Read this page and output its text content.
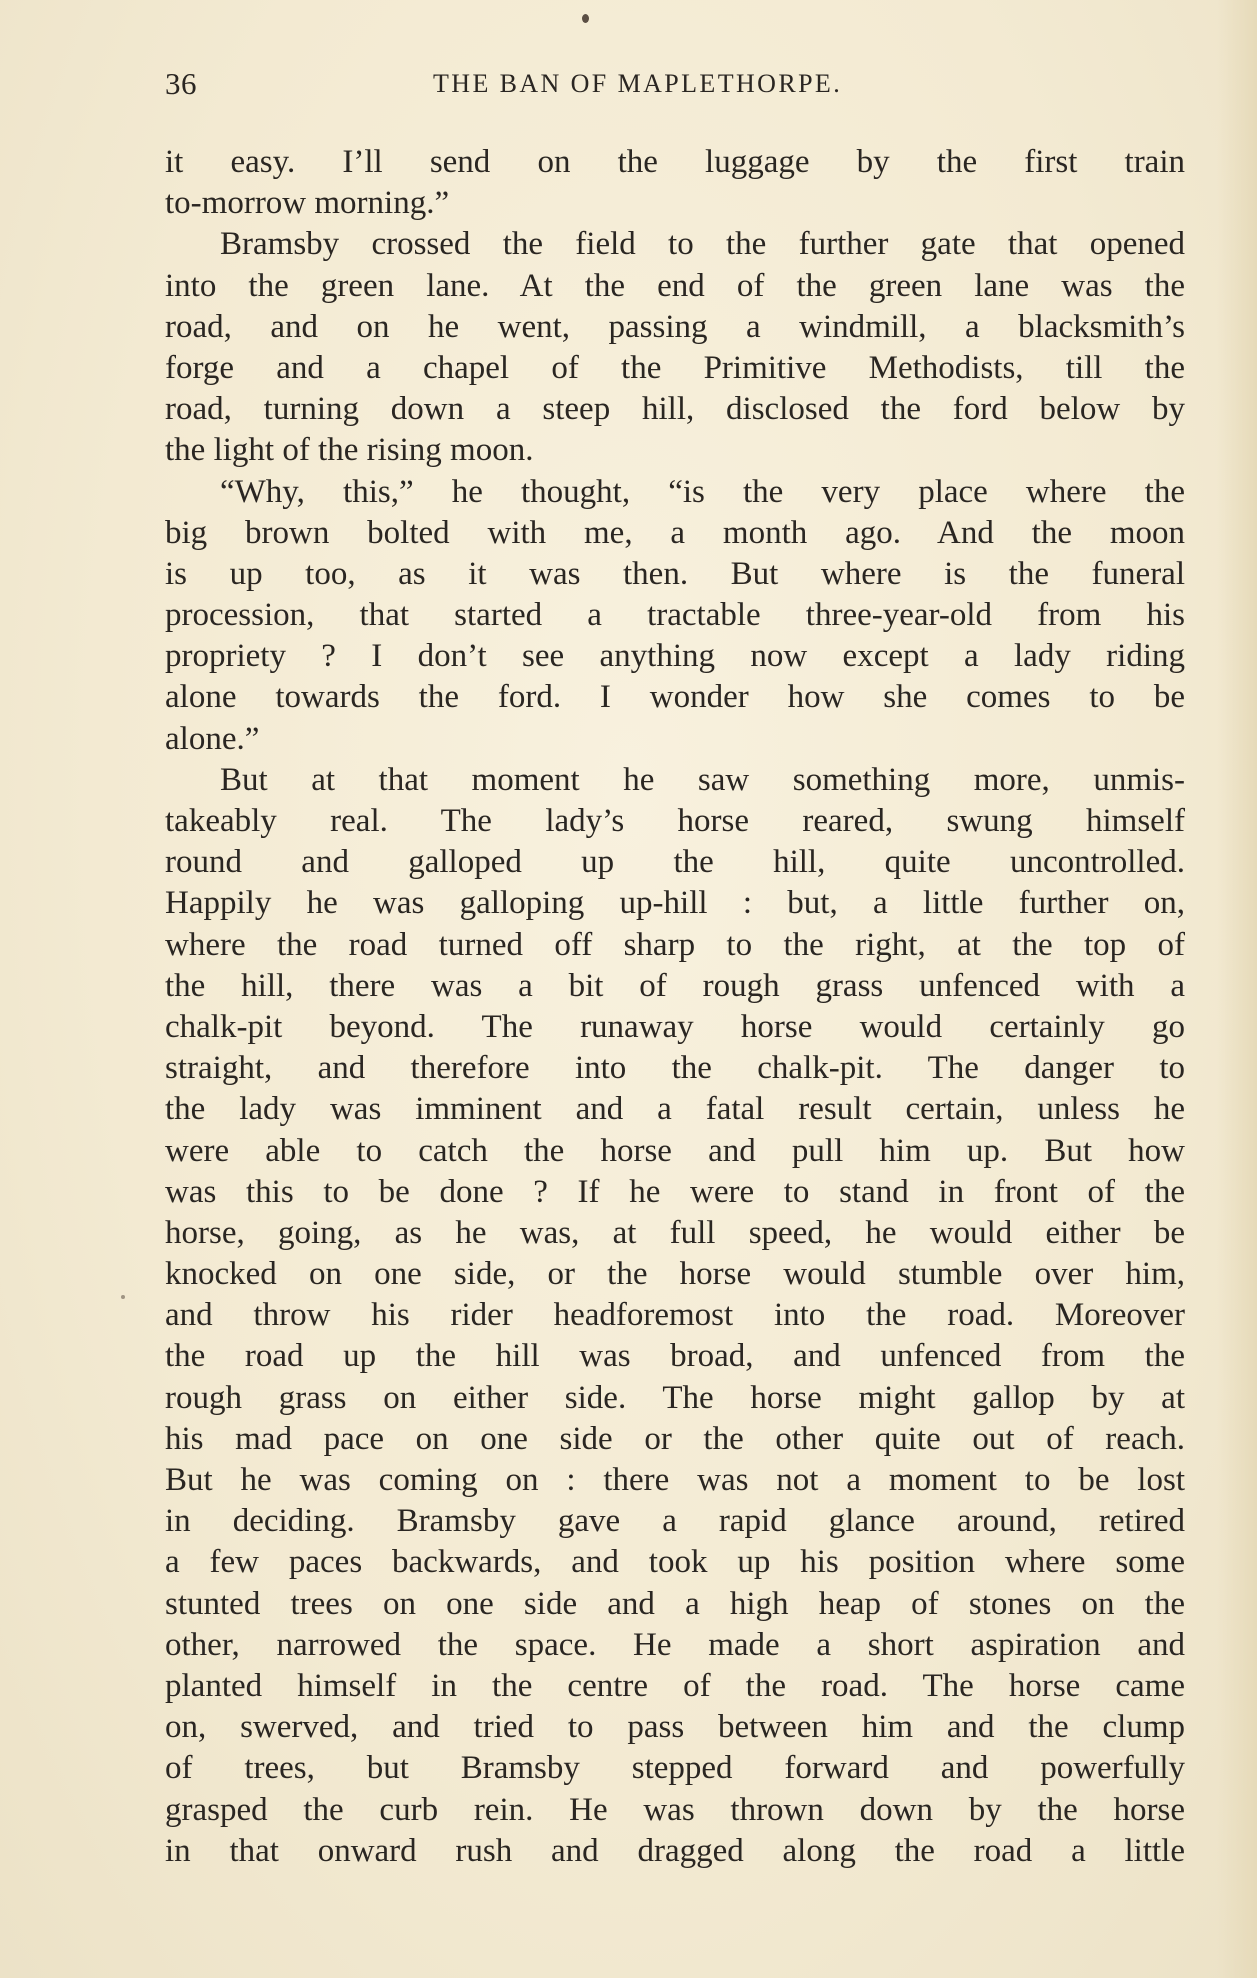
36	THE BAN OF MAPLETHORPE.
it easy. I’ll send on the luggage by the first train
to-morrow morning.”
Bramsby crossed the field to the further gate that opened
into the green lane. At the end of the green lane was the
road, and on he went, passing a windmill, a blacksmith’s
forge and a chapel of the Primitive Methodists, till the
road, turning down a steep hill, disclosed the ford below by
the light of the rising moon.
“Why, this,” he thought, “is the very place where the
big brown bolted with me, a month ago. And the moon
is up too, as it was then. But where is the funeral
procession, that started a tractable three-year-old from his
propriety ? I don’t see anything now except a lady riding
alone towards the ford. I wonder how she comes to be
alone.”
But at that moment he saw something more, unmis-
takeably real. The lady’s horse reared, swung himself
round and galloped up the hill, quite uncontrolled.
Happily he was galloping up-hill : but, a little further on,
where the road turned off sharp to the right, at the top of
the hill, there was a bit of rough grass unfenced with a
chalk-pit beyond. The runaway horse would certainly go
straight, and therefore into the chalk-pit. The danger to
the lady was imminent and a fatal result certain, unless he
were able to catch the horse and pull him up. But how
was this to be done ? If he were to stand in front of the
horse, going, as he was, at full speed, he would either be
knocked on one side, or the horse would stumble over him,
and throw his rider headforemost into the road. Moreover
the road up the hill was broad, and unfenced from the
rough grass on either side. The horse might gallop by at
his mad pace on one side or the other quite out of reach.
But he was coming on : there was not a moment to be lost
in deciding. Bramsby gave a rapid glance around, retired
a few paces backwards, and took up his position where some
stunted trees on one side and a high heap of stones on the
other, narrowed the space. He made a short aspiration and
planted himself in the centre of the road. The horse came
on, swerved, and tried to pass between him and the clump
of trees, but Bramsby stepped forward and powerfully
grasped the curb rein. He was thrown down by the horse
in that onward rush and dragged along the road a little
